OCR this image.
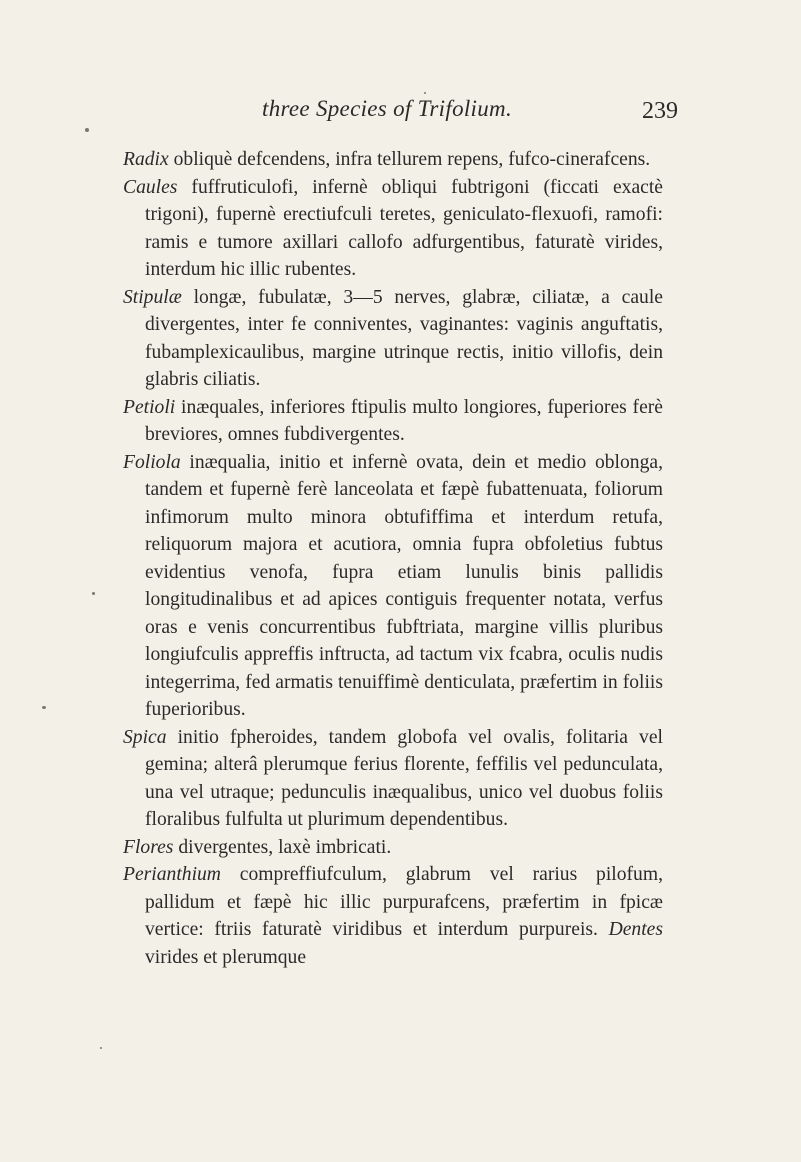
three Species of Trifolium.	239

Radix obliquè defcendens, infra tellurem repens, fufco-cinerafcens.

Caules fuffruticulofi, infernè obliqui fubtrigoni (ficcati exactè trigoni), fupernè erectiufculi teretes, geniculato-flexuofi, ramofi: ramis e tumore axillari callofo adfurgentibus, faturatè virides, interdum hic illic rubentes.

Stipulæ longæ, fubulatæ, 3—5 nerves, glabræ, ciliatæ, a caule divergentes, inter fe conniventes, vaginantes: vaginis anguftatis, fubamplexicaulibus, margine utrinque rectis, initio villofis, dein glabris ciliatis.

Petioli inæquales, inferiores ftipulis multo longiores, fuperiores ferè breviores, omnes fubdivergentes.

Foliola inæqualia, initio et infernè ovata, dein et medio oblonga, tandem et fupernè ferè lanceolata et fæpè fubattenuata, foliorum infimorum multo minora obtufiffima et interdum retufa, reliquorum majora et acutiora, omnia fupra obfoletius fubtus evidentius venofa, fupra etiam lunulis binis pallidis longitudinalibus et ad apices contiguis frequenter notata, verfus oras e venis concurrentibus fubftriata, margine villis pluribus longiufculis appreffis inftructa, ad tactum vix fcabra, oculis nudis integerrima, fed armatis tenuiffimè denticulata, præfertim in foliis fuperioribus.

Spica initio fpheroides, tandem globofa vel ovalis, folitaria vel gemina; alterâ plerumque ferius florente, feffilis vel pedunculata, una vel utraque; pedunculis inæqualibus, unico vel duobus foliis floralibus fulfulta ut plurimum dependentibus.

Flores divergentes, laxè imbricati.

Perianthium compreffiufculum, glabrum vel rarius pilofum, pallidum et fæpè hic illic purpurafcens, præfertim in fpicæ vertice: ftriis faturatè viridibus et interdum purpureis. Dentes virides et plerumque
